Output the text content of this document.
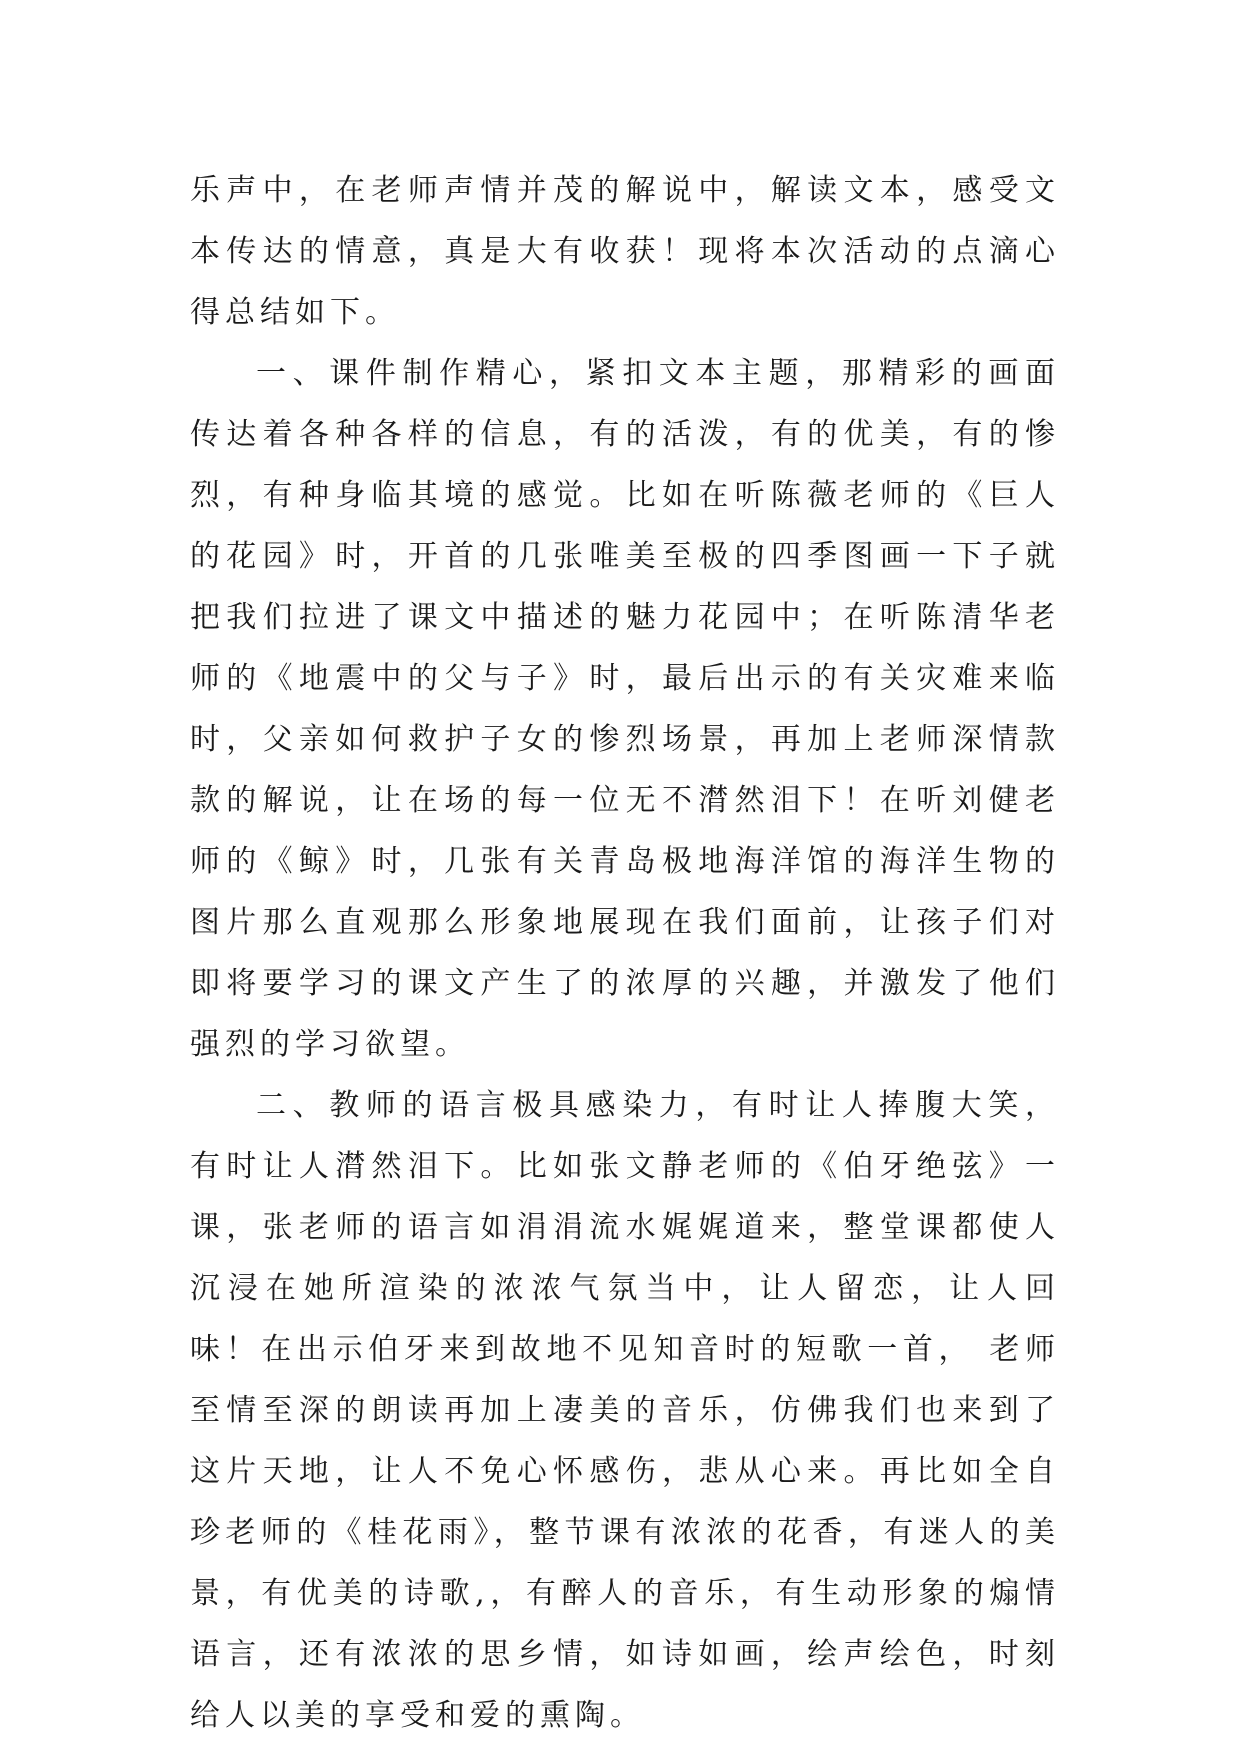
乐声中，在老师声情并茂的解说中，解读文本，感受文本传达的情意，真是大有收获！现将本次活动的点滴心得总结如下。

一、课件制作精心，紧扣文本主题，那精彩的画面传达着各种各样的信息，有的活泼，有的优美，有的惨烈，有种身临其境的感觉。比如在听陈薇老师的《巨人的花园》时，开首的几张唯美至极的四季图画一下子就把我们拉进了课文中描述的魅力花园中；在听陈清华老师的《地震中的父与子》时，最后出示的有关灾难来临时，父亲如何救护子女的惨烈场景，再加上老师深情款款的解说，让在场的每一位无不潸然泪下！在听刘健老师的《鲸》时，几张有关青岛极地海洋馆的海洋生物的图片那么直观那么形象地展现在我们面前，让孩子们对即将要学习的课文产生了的浓厚的兴趣，并激发了他们强烈的学习欲望。

二、教师的语言极具感染力，有时让人捧腹大笑，有时让人潸然泪下。比如张文静老师的《伯牙绝弦》一课，张老师的语言如涓涓流水娓娓道来，整堂课都使人沉浸在她所渲染的浓浓气氛当中，让人留恋，让人回味！在出示伯牙来到故地不见知音时的短歌一首， 老师至情至深的朗读再加上凄美的音乐，仿佛我们也来到了这片天地，让人不免心怀感伤，悲从心来。再比如全自珍老师的《桂花雨》，整节课有浓浓的花香，有迷人的美景，有优美的诗歌,，有醉人的音乐，有生动形象的煽情语言，还有浓浓的思乡情，如诗如画，绘声绘色，时刻给人以美的享受和爱的熏陶。
